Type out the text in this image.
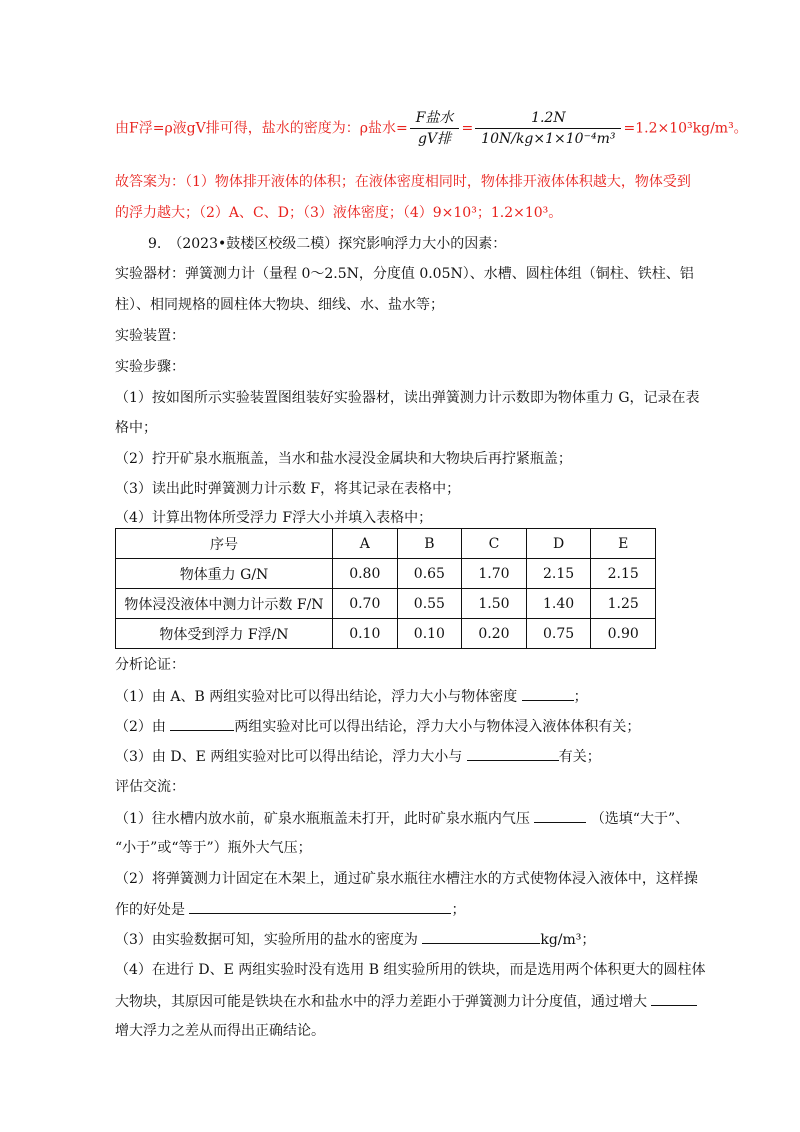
由F浮=ρ液gV排可得，盐水的密度为：ρ盐水= $\frac{\text{F盐水}}{\text{gV排}} = \frac{1.2N}{\text{10N/kg×1×10⁻⁴m³}} =1.2\times 10^3kg/m^3$。
故答案为：（1）物体排开液体的体积；在液体密度相同时，物体排开液体体积越大，物体受到
的浮力越大；（2）A、C、D；（3）液体密度；（4）9×10³；1.2×10³。
9.　（2023•鼓楼区校级二模）探究影响浮力大小的因素：
实验器材：弹簧测力计（量程 0～2.5N，分度值 0.05N）、水槽、圆柱体组（铜柱、铁柱、铝
柱）、相同规格的圆柱体大物块、细线、水、盐水等；
实验装置：
实验步骤：
（1）按如图所示实验装置图组装好实验器材，读出弹簧测力计示数即为物体重力 G，记录在表
格中；
（2）拧开矿泉水瓶瓶盖，当水和盐水浸没金属块和大物块后再拧紧瓶盖；
（3）读出此时弹簧测力计示数 F，将其记录在表格中；
（4）计算出物体所受浮力 F浮大小并填入表格中；
序号	A	B	C	D	E
物体重力 G/N	0.80	0.65	1.70	2.15	2.15
物体浸没液体中测力计示数 F/N	0.70	0.55	1.50	1.40	1.25
物体受到浮力 F浮/N	0.10	0.10	0.20	0.75	0.90
分析论证：
（1）由 A、B 两组实验对比可以得出结论，浮力大小与物体密度	；
（2）由	两组实验对比可以得出结论，浮力大小与物体浸入液体体积有关；
（3）由 D、E 两组实验对比可以得出结论，浮力大小与	有关；
评估交流：
（1）往水槽内放水前，矿泉水瓶瓶盖未打开，此时矿泉水瓶内气压	（选填“大于”、
“小于”或“等于”）瓶外大气压；
（2）将弹簧测力计固定在木架上，通过矿泉水瓶往水槽注水的方式使物体浸入液体中，这样操
作的好处是	；
（3）由实验数据可知，实验所用的盐水的密度为	kg/m³；
（4）在进行 D、E 两组实验时没有选用 B 组实验所用的铁块，而是选用两个体积更大的圆柱体
大物块，其原因可能是铁块在水和盐水中的浮力差距小于弹簧测力计分度值，通过增大
增大浮力之差从而得出正确结论。
